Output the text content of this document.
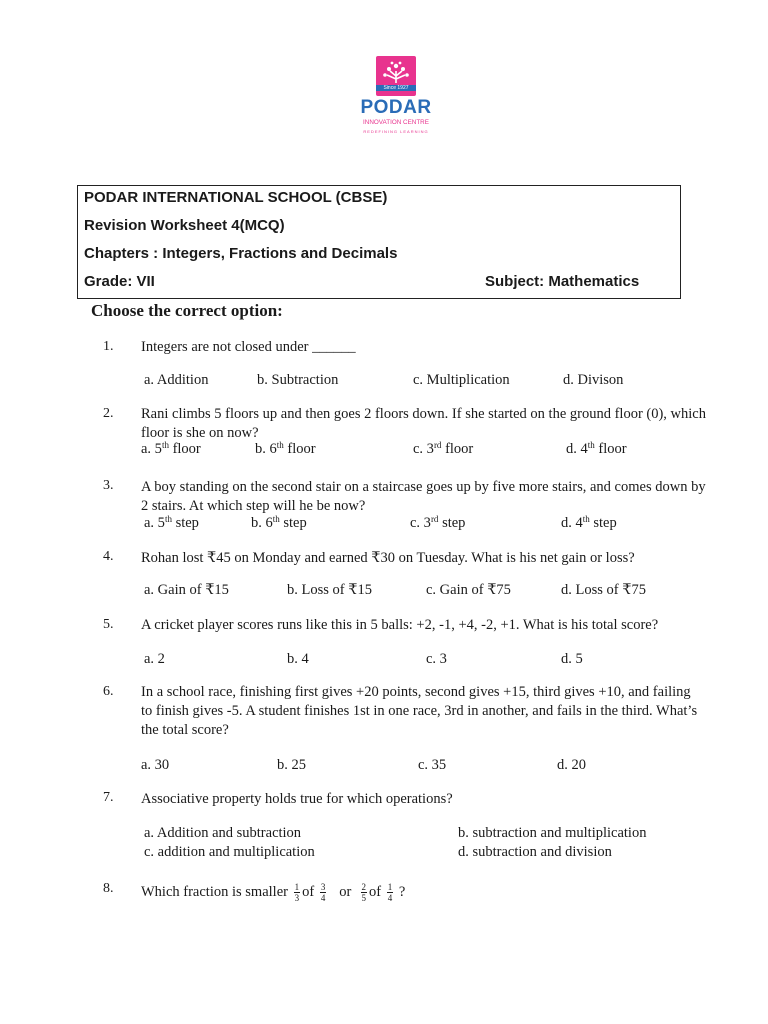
Since 1927
PODAR
INNOVATION CENTRE
REDEFINING LEARNING
PODAR INTERNATIONAL SCHOOL (CBSE)
Revision Worksheet 4(MCQ)
Chapters : Integers, Fractions and Decimals
Grade: VII	Subject: Mathematics
Choose the correct option:
1. Integers are not closed under ______
a. Addition	b. Subtraction	c. Multiplication	d. Divison
2. Rani climbs 5 floors up and then goes 2 floors down. If she started on the ground floor (0), which floor is she on now?
a. 5th floor	b. 6th floor	c. 3rd floor	d. 4th floor
3. A boy standing on the second stair on a staircase goes up by five more stairs, and comes down by 2 stairs. At which step will he be now?
a. 5th step	b. 6th step	c. 3rd step	d. 4th step
4. Rohan lost ₹45 on Monday and earned ₹30 on Tuesday. What is his net gain or loss?
a. Gain of ₹15	b. Loss of ₹15	c. Gain of ₹75	d. Loss of ₹75
5. A cricket player scores runs like this in 5 balls: +2, -1, +4, -2, +1. What is his total score?
a. 2	b. 4	c. 3	d. 5
6. In a school race, finishing first gives +20 points, second gives +15, third gives +10, and failing to finish gives -5. A student finishes 1st in one race, 3rd in another, and fails in the third. What’s the total score?
a. 30	b. 25	c. 35	d. 20
7. Associative property holds true for which operations?
a. Addition and subtraction	b. subtraction and multiplication
c. addition and multiplication	d. subtraction and division
8. Which fraction is smaller $\frac{1}{3}$ of $\frac{3}{4}$ or $\frac{2}{5}$ of $\frac{1}{4}$ ?
